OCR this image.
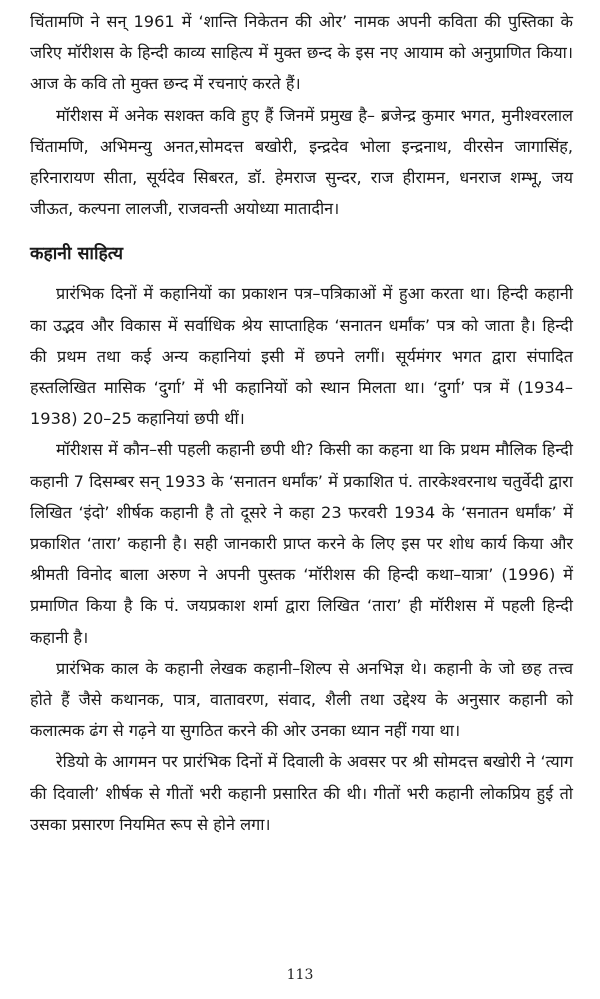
चिंतामणि ने सन् 1961 में ‘शान्ति निकेतन की ओर’ नामक अपनी कविता की पुस्तिका के जरिए मॉरीशस के हिन्दी काव्य साहित्य में मुक्त छन्द के इस नए आयाम को अनुप्राणित किया। आज के कवि तो मुक्त छन्द में रचनाएं करते हैं।

मॉरीशस में अनेक सशक्त कवि हुए हैं जिनमें प्रमुख है– ब्रजेन्द्र कुमार भगत, मुनीश्वरलाल चिंतामणि, अभिमन्यु अनत,सोमदत्त बखोरी, इन्द्रदेव भोला इन्द्रनाथ, वीरसेन जागासिंह, हरिनारायण सीता, सूर्यदेव सिबरत, डॉ. हेमराज सुन्दर, राज हीरामन, धनराज शम्भू, जय जीऊत, कल्पना लालजी, राजवन्ती अयोध्या मातादीन।

कहानी साहित्य

प्रारंभिक दिनों में कहानियों का प्रकाशन पत्र–पत्रिकाओं में हुआ करता था। हिन्दी कहानी का उद्भव और विकास में सर्वाधिक श्रेय साप्ताहिक ‘सनातन धर्मांक’ पत्र को जाता है। हिन्दी की प्रथम तथा कई अन्य कहानियां इसी में छपने लगीं। सूर्यमंगर भगत द्वारा संपादित हस्तलिखित मासिक ‘दुर्गा’ में भी कहानियों को स्थान मिलता था। ‘दुर्गा’ पत्र में (1934–1938) 20–25 कहानियां छपी थीं।

मॉरीशस में कौन–सी पहली कहानी छपी थी? किसी का कहना था कि प्रथम मौलिक हिन्दी कहानी 7 दिसम्बर सन् 1933 के ‘सनातन धर्मांक’ में प्रकाशित पं. तारकेश्वरनाथ चतुर्वेदी द्वारा लिखित ‘इंदो’ शीर्षक कहानी है तो दूसरे ने कहा 23 फरवरी 1934 के ‘सनातन धर्मांक’ में प्रकाशित ‘तारा’ कहानी है। सही जानकारी प्राप्त करने के लिए इस पर शोध कार्य किया और श्रीमती विनोद बाला अरुण ने अपनी पुस्तक ‘मॉरीशस की हिन्दी कथा–यात्रा’ (1996) में प्रमाणित किया है कि पं. जयप्रकाश शर्मा द्वारा लिखित ‘तारा’ ही मॉरीशस में पहली हिन्दी कहानी है।

प्रारंभिक काल के कहानी लेखक कहानी–शिल्प से अनभिज्ञ थे। कहानी के जो छह तत्त्व होते हैं जैसे कथानक, पात्र, वातावरण, संवाद, शैली तथा उद्देश्य के अनुसार कहानी को कलात्मक ढंग से गढ़ने या सुगठित करने की ओर उनका ध्यान नहीं गया था।

रेडियो के आगमन पर प्रारंभिक दिनों में दिवाली के अवसर पर श्री सोमदत्त बखोरी ने ‘त्याग की दिवाली’ शीर्षक से गीतों भरी कहानी प्रसारित की थी। गीतों भरी कहानी लोकप्रिय हुई तो उसका प्रसारण नियमित रूप से होने लगा।

113
